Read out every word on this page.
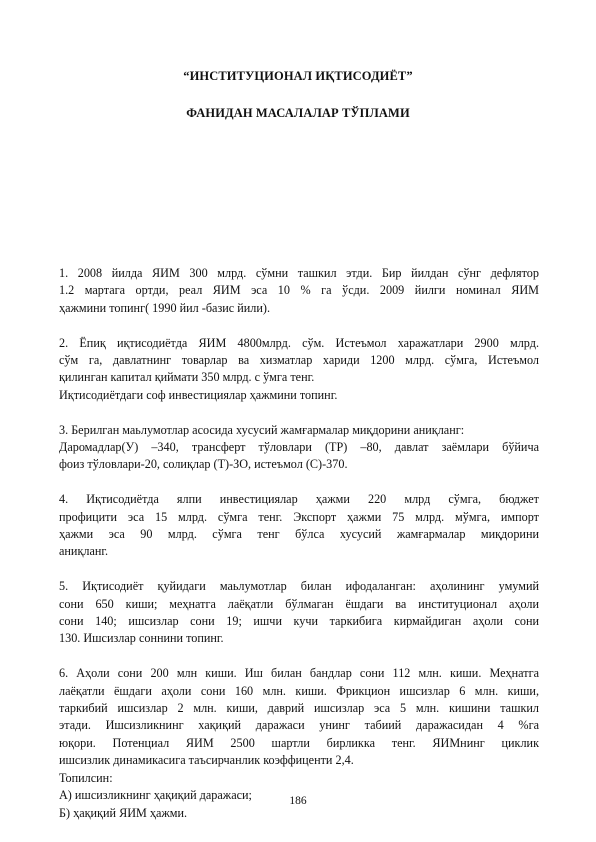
“ИНСТИТУЦИОНАЛ ИҚТИСОДИЁТ”
ФАНИДАН МАСАЛАЛАР ТЎПЛАМИ
1. 2008 йилда ЯИМ 300 млрд. сўмни ташкил этди. Бир йилдан сўнг дефлятор
1.2 мартага ортди, реал ЯИМ эса 10 % га ўсди. 2009 йилги номинал ЯИМ
ҳажмини топинг( 1990 йил -базис йили).
2. Ёпиқ иқтисодиётда ЯИМ 4800млрд. сўм. Истеъмол харажатлари 2900 млрд.
сўм га, давлатнинг товарлар ва хизматлар хариди 1200 млрд. сўмга, Истеъмол
қилинган капитал қиймати 350 млрд. с ўмга тенг.
Иқтисодиётдаги соф инвестициялар ҳажмини топинг.
3. Берилган маьлумотлар асосида хусусий жамғармалар миқдорини аниқланг:
Даромадлар(У) –340, трансферт тўловлари (ТР) –80, давлат заёмлари бўйича
фоиз тўловлари-20, солиқлар (Т)-ЗО, истеъмол (С)-370.
4. Иқтисодиётда ялпи инвестициялар ҳажми 220 млрд сўмга, бюджет
профицити эса 15 млрд. сўмга тенг. Экспорт ҳажми 75 млрд. мўмга, импорт
ҳажми эса 90 млрд. сўмга тенг бўлса хусусий жамғармалар миқдорини
аниқланг.
5. Иқтисодиёт қуйидаги маьлумотлар билан ифодаланган: аҳолининг умумий
сони 650 киши; меҳнатга лаёқатли бўлмаган ёшдаги ва институционал аҳоли
сони 140; ишсизлар сони 19; ишчи кучи таркибига кирмайдиган аҳоли сони
130. Ишсизлар соннини топинг.
6. Аҳоли сони 200 млн киши. Иш билан бандлар сони 112 млн. киши. Меҳнатга
лаёқатли ёшдаги аҳоли сони 160 млн. киши. Фрикцион ишсизлар 6 млн. киши,
таркибий ишсизлар 2 млн. киши, даврий ишсизлар эса 5 млн. кишини ташкил
этади. Ишсизликнинг хақиқий даражаси унинг табиий даражасидан 4 %га
юқори. Потенциал ЯИМ 2500 шартли бирликка тенг. ЯИМнинг циклик
ишсизлик динамикасига таъсирчанлик коэффиценти 2,4.
Топилсин:
А) ишсизликнинг ҳақиқий даражаси;
Б) ҳақиқий ЯИМ ҳажми.
186
